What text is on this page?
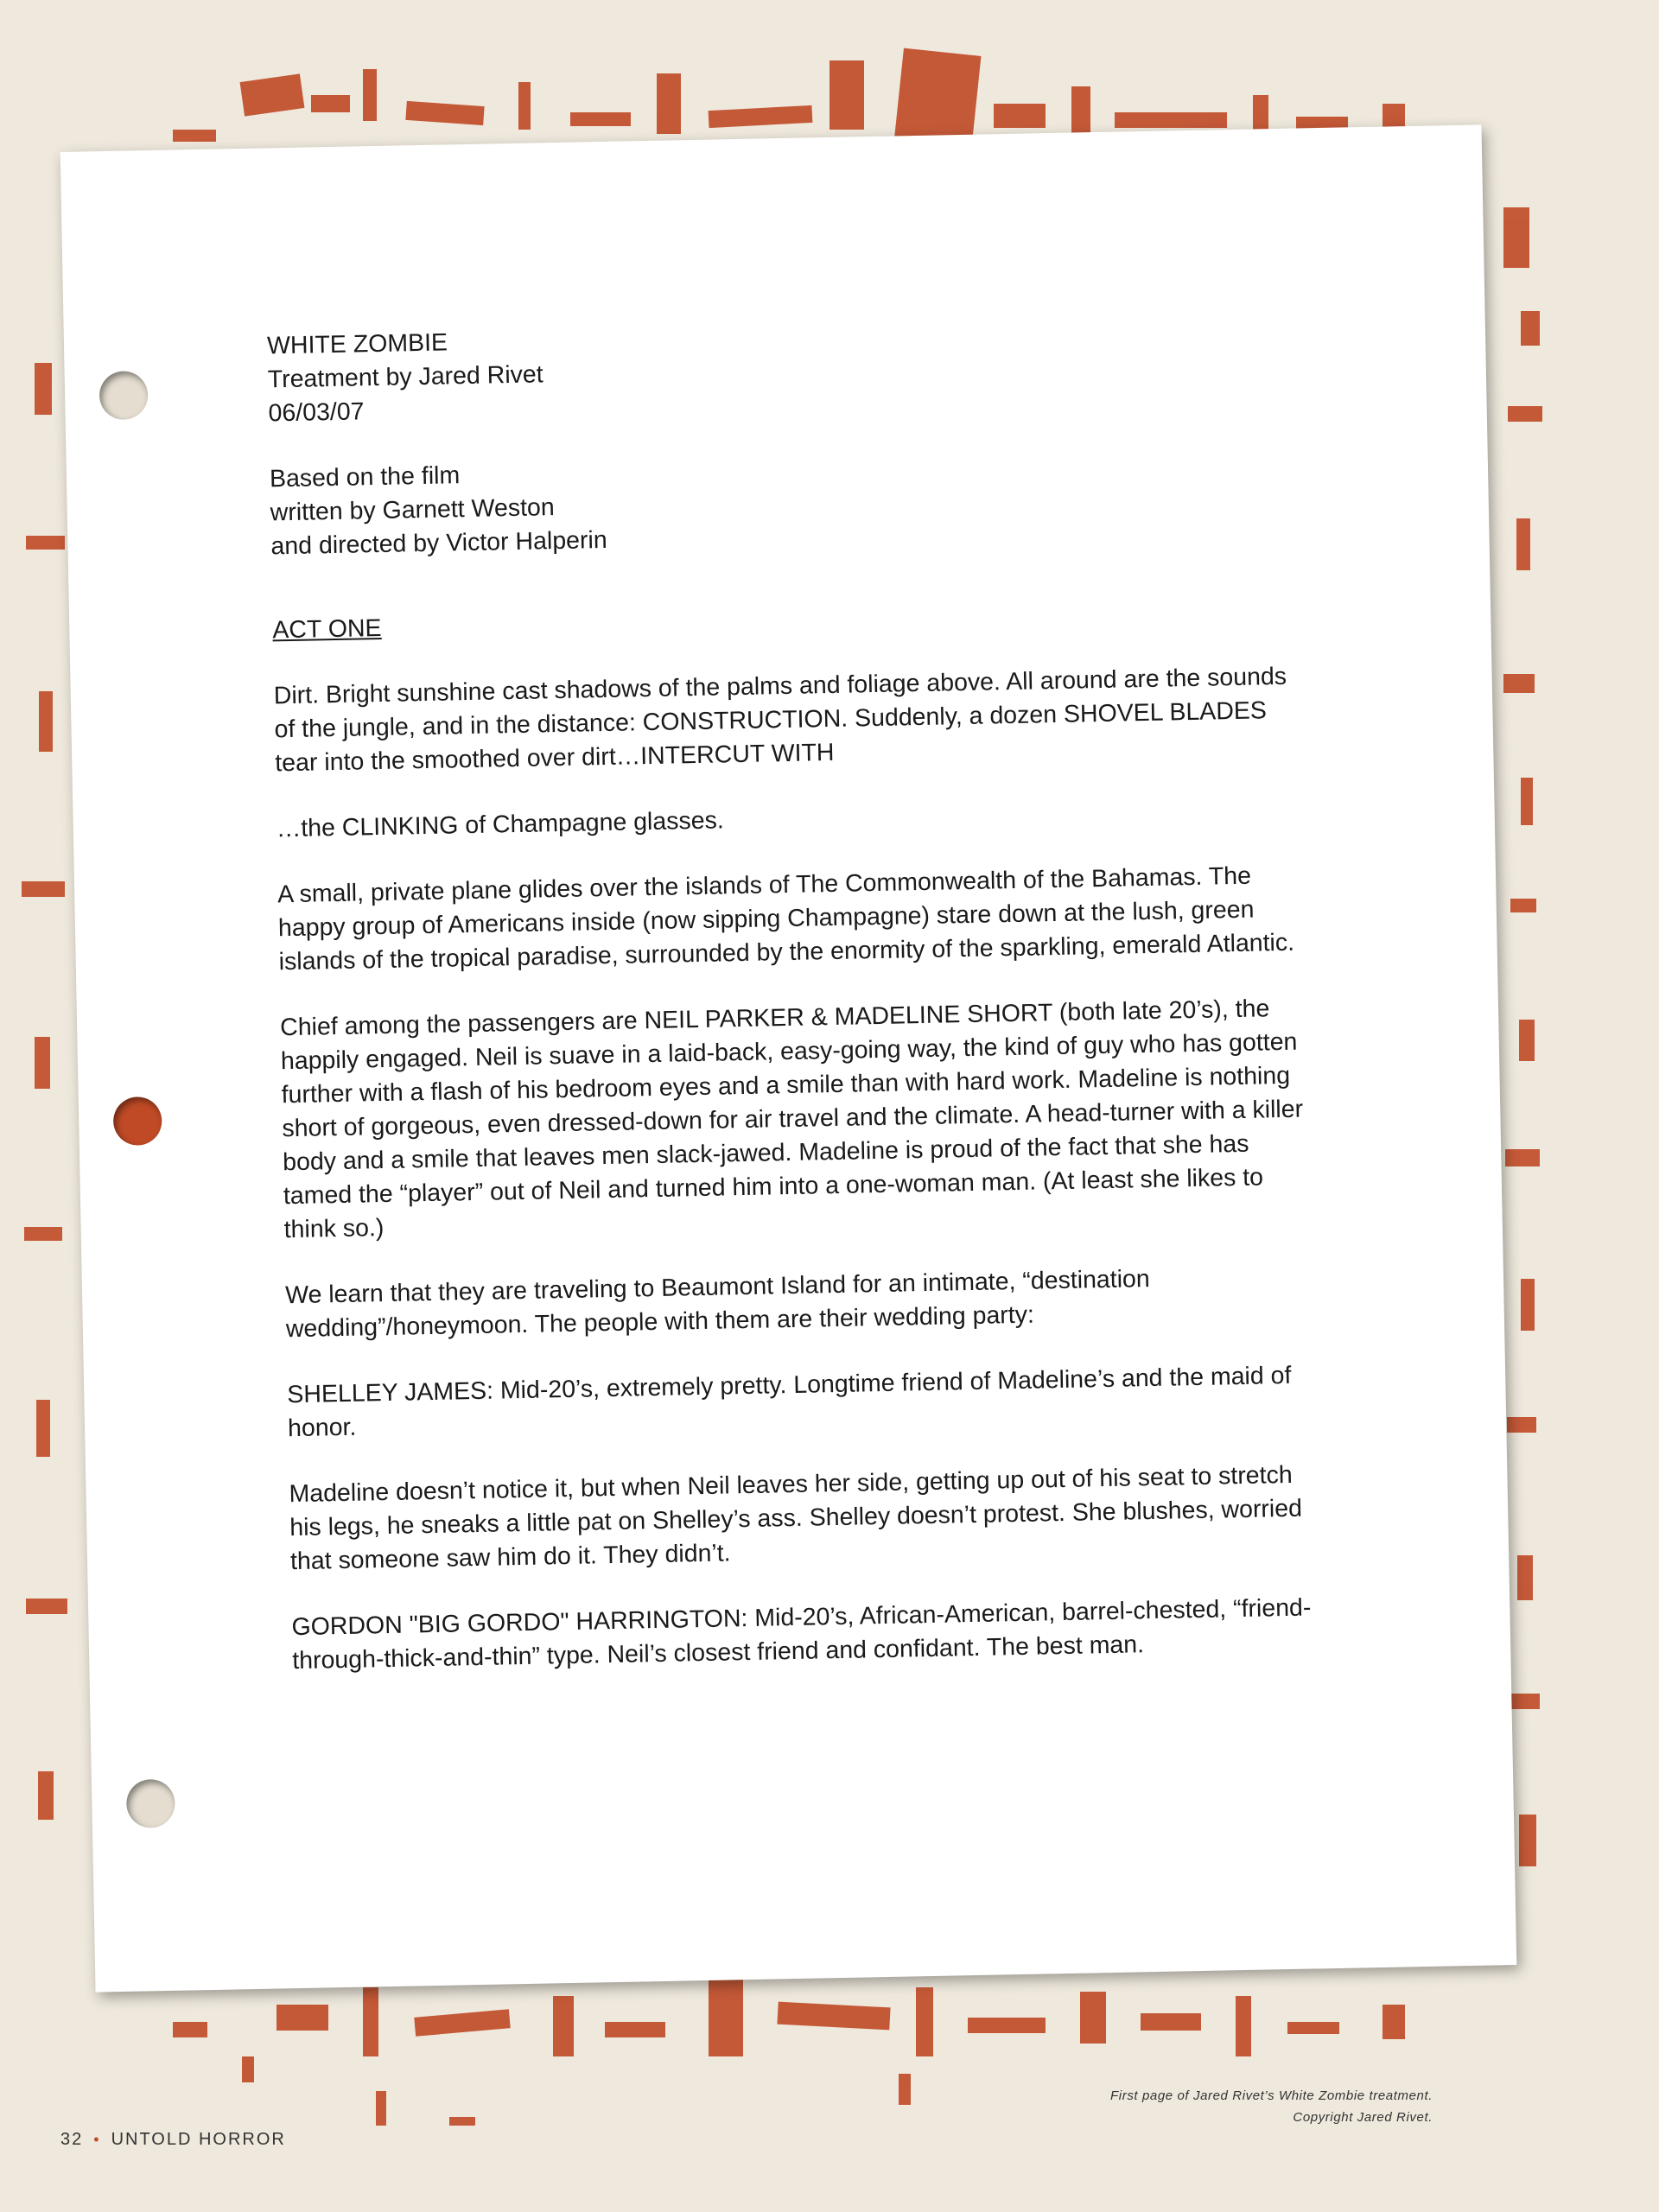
WHITE ZOMBIE
Treatment by Jared Rivet
06/03/07
Based on the film
written by Garnett Weston
and directed by Victor Halperin

ACT ONE

Dirt. Bright sunshine cast shadows of the palms and foliage above. All around are the sounds of the jungle, and in the distance: CONSTRUCTION. Suddenly, a dozen SHOVEL BLADES tear into the smoothed over dirt…INTERCUT WITH

…the CLINKING of Champagne glasses.

A small, private plane glides over the islands of The Commonwealth of the Bahamas. The happy group of Americans inside (now sipping Champagne) stare down at the lush, green islands of the tropical paradise, surrounded by the enormity of the sparkling, emerald Atlantic.

Chief among the passengers are NEIL PARKER & MADELINE SHORT (both late 20’s), the happily engaged. Neil is suave in a laid-back, easy-going way, the kind of guy who has gotten further with a flash of his bedroom eyes and a smile than with hard work. Madeline is nothing short of gorgeous, even dressed-down for air travel and the climate. A head-turner with a killer body and a smile that leaves men slack-jawed. Madeline is proud of the fact that she has tamed the “player” out of Neil and turned him into a one-woman man. (At least she likes to think so.)

We learn that they are traveling to Beaumont Island for an intimate, “destination wedding”/honeymoon. The people with them are their wedding party:

SHELLEY JAMES: Mid-20’s, extremely pretty. Longtime friend of Madeline’s and the maid of honor.

Madeline doesn’t notice it, but when Neil leaves her side, getting up out of his seat to stretch his legs, he sneaks a little pat on Shelley’s ass. Shelley doesn’t protest. She blushes, worried that someone saw him do it. They didn’t.

GORDON "BIG GORDO" HARRINGTON: Mid-20’s, African-American, barrel-chested, “friend-through-thick-and-thin” type. Neil’s closest friend and confidant. The best man.

First page of Jared Rivet’s White Zombie treatment.
Copyright Jared Rivet.
32 • UNTOLD HORROR
